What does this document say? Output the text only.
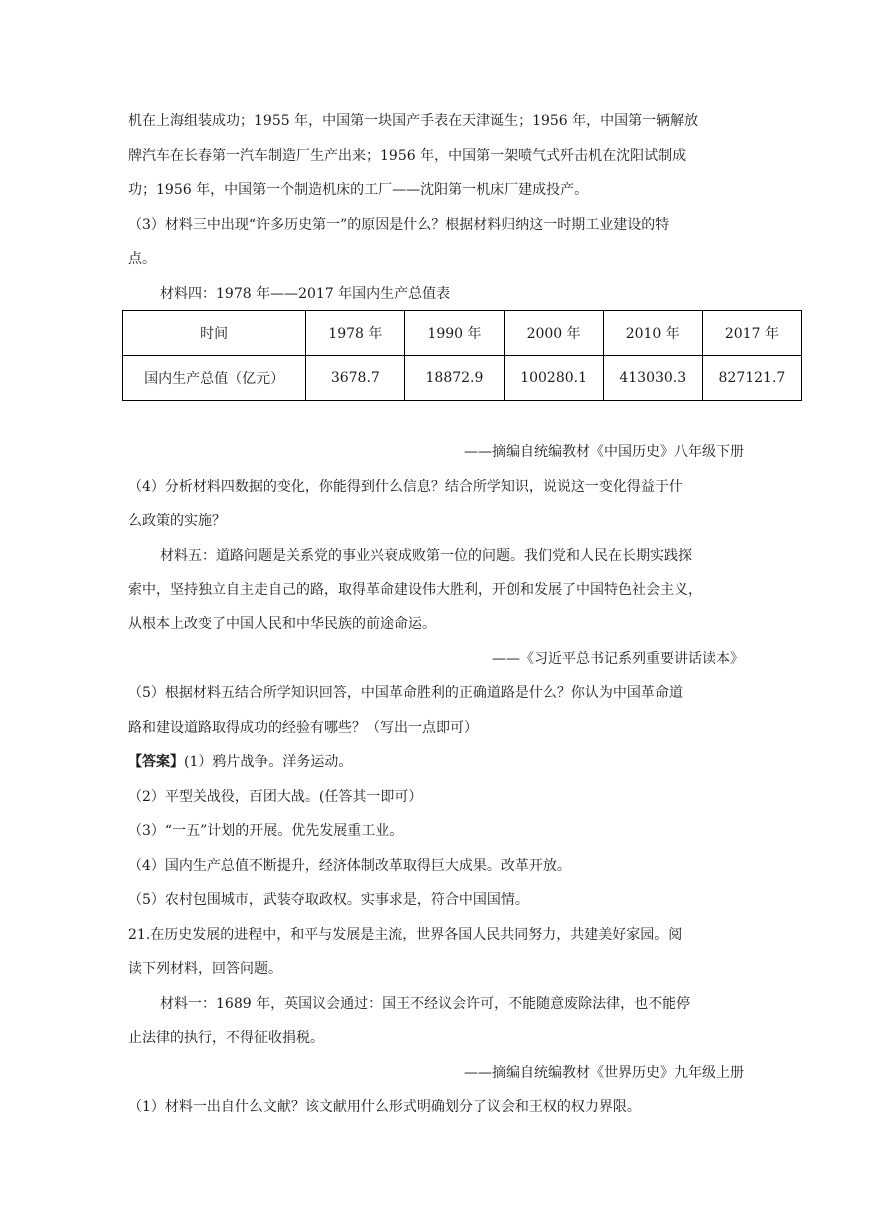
机在上海组装成功；1955 年，中国第一块国产手表在天津诞生；1956 年，中国第一辆解放
牌汽车在长春第一汽车制造厂生产出来；1956 年，中国第一架喷气式歼击机在沈阳试制成
功；1956 年，中国第一个制造机床的工厂——沈阳第一机床厂建成投产。
（3）材料三中出现“许多历史第一”的原因是什么？根据材料归纳这一时期工业建设的特
点。
材料四：1978 年——2017 年国内生产总值表
时间	1978 年	1990 年	2000 年	2010 年	2017 年
国内生产总值（亿元）	3678.7	18872.9	100280.1	413030.3	827121.7
——摘编自统编教材《中国历史》八年级下册
（4）分析材料四数据的变化，你能得到什么信息？结合所学知识，说说这一变化得益于什
么政策的实施？
材料五：道路问题是关系党的事业兴衰成败第一位的问题。我们党和人民在长期实践探
索中，坚持独立自主走自己的路，取得革命建设伟大胜利，开创和发展了中国特色社会主义，
从根本上改变了中国人民和中华民族的前途命运。
——《习近平总书记系列重要讲话读本》
（5）根据材料五结合所学知识回答，中国革命胜利的正确道路是什么？你认为中国革命道
路和建设道路取得成功的经验有哪些？（写出一点即可）
【答案】(1）鸦片战争。洋务运动。
（2）平型关战役，百团大战。(任答其一即可）
（3）“一五”计划的开展。优先发展重工业。
（4）国内生产总值不断提升，经济体制改革取得巨大成果。改革开放。
（5）农村包围城市，武装夺取政权。实事求是，符合中国国情。
21.在历史发展的进程中，和平与发展是主流，世界各国人民共同努力，共建美好家园。阅
读下列材料，回答问题。
材料一：1689 年，英国议会通过：国王不经议会许可，不能随意废除法律，也不能停
止法律的执行，不得征收捐税。
——摘编自统编教材《世界历史》九年级上册
（1）材料一出自什么文献？该文献用什么形式明确划分了议会和王权的权力界限。
